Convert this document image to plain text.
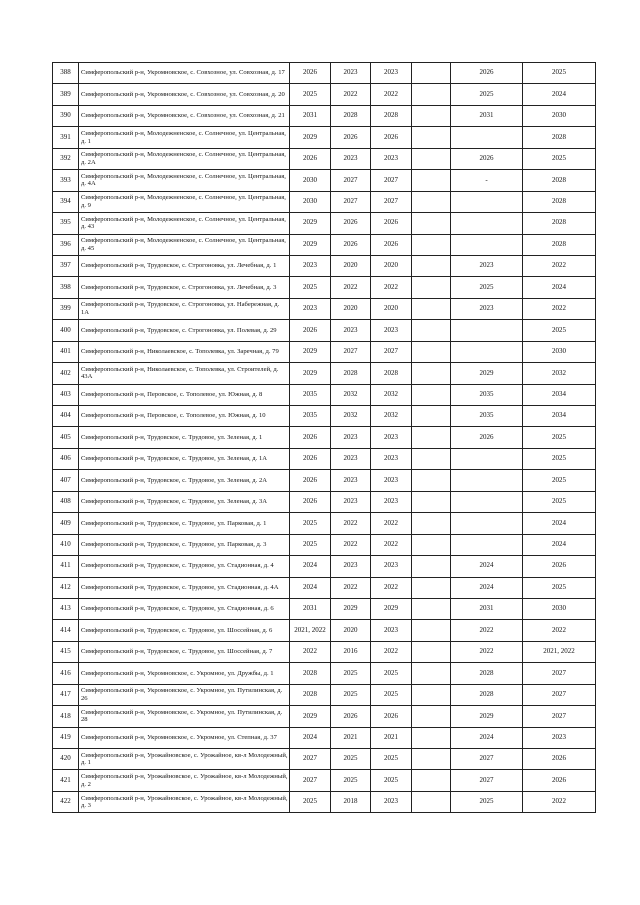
388	Симферопольский р-н, Укромновское, с. Совхозное, ул. Совхозная, д. 17	2026	2023	2023		2026	2025
389	Симферопольский р-н, Укромновское, с. Совхозное, ул. Совхозная, д. 20	2025	2022	2022		2025	2024
390	Симферопольский р-н, Укромновское, с. Совхозное, ул. Совхозная, д. 21	2031	2028	2028		2031	2030
391	Симферопольский р-н, Молодежненское, с. Солнечное, ул. Центральная, д. 1	2029	2026	2026			2028
392	Симферопольский р-н, Молодежненское, с. Солнечное, ул. Центральная, д. 2А	2026	2023	2023		2026	2025
393	Симферопольский р-н, Молодежненское, с. Солнечное, ул. Центральная, д. 4А	2030	2027	2027		-	2028
394	Симферопольский р-н, Молодежненское, с. Солнечное, ул. Центральная, д. 9	2030	2027	2027			2028
395	Симферопольский р-н, Молодежненское, с. Солнечное, ул. Центральная, д. 43	2029	2026	2026			2028
396	Симферопольский р-н, Молодежненское, с. Солнечное, ул. Центральная, д. 45	2029	2026	2026			2028
397	Симферопольский р-н, Трудовское, с. Строгоновка, ул. Лечебная, д. 1	2023	2020	2020		2023	2022
398	Симферопольский р-н, Трудовское, с. Строгоновка, ул. Лечебная, д. 3	2025	2022	2022		2025	2024
399	Симферопольский р-н, Трудовское, с. Строгоновка, ул. Набережная, д. 1А	2023	2020	2020		2023	2022
400	Симферопольский р-н, Трудовское, с. Строгоновка, ул. Полевая, д. 29	2026	2023	2023			2025
401	Симферопольский р-н, Николаевское, с. Тополевка, ул. Заречная, д. 79	2029	2027	2027			2030
402	Симферопольский р-н, Николаевское, с. Тополевка, ул. Строителей, д. 43А	2029	2028	2028		2029	2032
403	Симферопольский р-н, Перовское, с. Тополевое, ул. Южная, д. 8	2035	2032	2032		2035	2034
404	Симферопольский р-н, Перовское, с. Тополевое, ул. Южная, д. 10	2035	2032	2032		2035	2034
405	Симферопольский р-н, Трудовское, с. Трудовое, ул. Зеленая, д. 1	2026	2023	2023		2026	2025
406	Симферопольский р-н, Трудовское, с. Трудовое, ул. Зеленая, д. 1А	2026	2023	2023			2025
407	Симферопольский р-н, Трудовское, с. Трудовое, ул. Зеленая, д. 2А	2026	2023	2023			2025
408	Симферопольский р-н, Трудовское, с. Трудовое, ул. Зеленая, д. 3А	2026	2023	2023			2025
409	Симферопольский р-н, Трудовское, с. Трудовое, ул. Парковая, д. 1	2025	2022	2022			2024
410	Симферопольский р-н, Трудовское, с. Трудовое, ул. Парковая, д. 3	2025	2022	2022			2024
411	Симферопольский р-н, Трудовское, с. Трудовое, ул. Стадионная, д. 4	2024	2023	2023		2024	2026
412	Симферопольский р-н, Трудовское, с. Трудовое, ул. Стадионная, д. 4А	2024	2022	2022		2024	2025
413	Симферопольский р-н, Трудовское, с. Трудовое, ул. Стадионная, д. 6	2031	2029	2029		2031	2030
414	Симферопольский р-н, Трудовское, с. Трудовое, ул. Шоссейная, д. 6	2021, 2022	2020	2023		2022	2022
415	Симферопольский р-н, Трудовское, с. Трудовое, ул. Шоссейная, д. 7	2022	2016	2022		2022	2021, 2022
416	Симферопольский р-н, Укромновское, с. Укромное, ул. Дружбы, д. 1	2028	2025	2025		2028	2027
417	Симферопольский р-н, Укромновское, с. Укромное, ул. Путилинская, д. 26	2028	2025	2025		2028	2027
418	Симферопольский р-н, Укромновское, с. Укромное, ул. Путилинская, д. 28	2029	2026	2026		2029	2027
419	Симферопольский р-н, Укромновское, с. Укромное, ул. Степная, д. 37	2024	2021	2021		2024	2023
420	Симферопольский р-н, Урожайновское, с. Урожайное, кв-л Молодежный, д. 1	2027	2025	2025		2027	2026
421	Симферопольский р-н, Урожайновское, с. Урожайное, кв-л Молодежный, д. 2	2027	2025	2025		2027	2026
422	Симферопольский р-н, Урожайновское, с. Урожайное, кв-л Молодежный, д. 3	2025	2018	2023		2025	2022
